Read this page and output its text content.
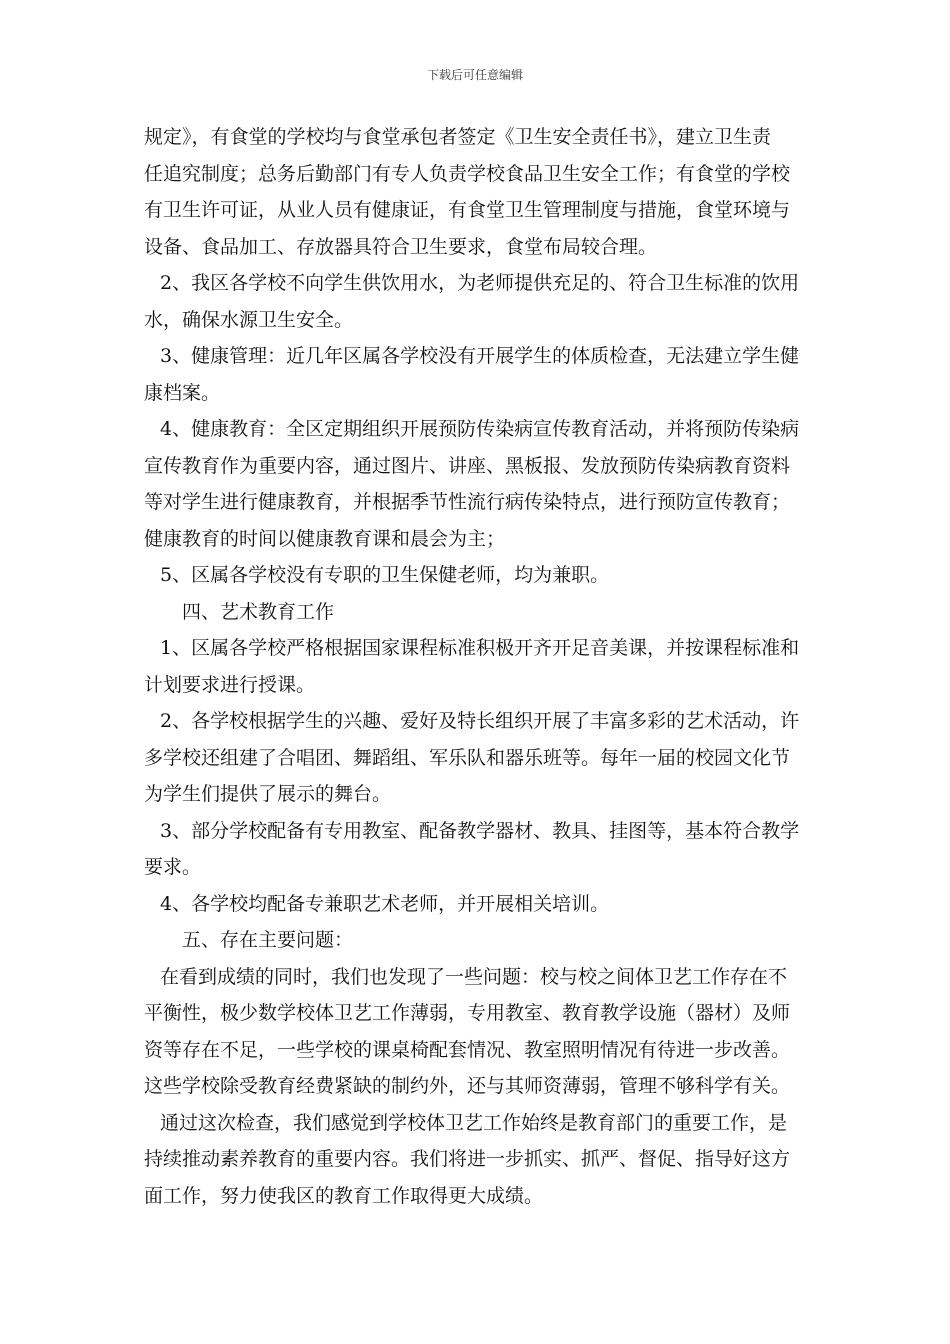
下载后可任意编辑
规定》，有食堂的学校均与食堂承包者签定《卫生安全责任书》，建立卫生责
任追究制度；总务后勤部门有专人负责学校食品卫生安全工作；有食堂的学校
有卫生许可证，从业人员有健康证，有食堂卫生管理制度与措施，食堂环境与
设备、食品加工、存放器具符合卫生要求，食堂布局较合理。
2、我区各学校不向学生供饮用水，为老师提供充足的、符合卫生标准的饮用
水，确保水源卫生安全。
3、健康管理：近几年区属各学校没有开展学生的体质检查，无法建立学生健
康档案。
4、健康教育：全区定期组织开展预防传染病宣传教育活动，并将预防传染病
宣传教育作为重要内容，通过图片、讲座、黑板报、发放预防传染病教育资料
等对学生进行健康教育，并根据季节性流行病传染特点，进行预防宣传教育；
健康教育的时间以健康教育课和晨会为主；
5、区属各学校没有专职的卫生保健老师，均为兼职。
四、艺术教育工作
1、区属各学校严格根据国家课程标准积极开齐开足音美课，并按课程标准和
计划要求进行授课。
2、各学校根据学生的兴趣、爱好及特长组织开展了丰富多彩的艺术活动，许
多学校还组建了合唱团、舞蹈组、军乐队和器乐班等。每年一届的校园文化节
为学生们提供了展示的舞台。
3、部分学校配备有专用教室、配备教学器材、教具、挂图等，基本符合教学
要求。
4、各学校均配备专兼职艺术老师，并开展相关培训。
五、存在主要问题：
在看到成绩的同时，我们也发现了一些问题：校与校之间体卫艺工作存在不
平衡性，极少数学校体卫艺工作薄弱，专用教室、教育教学设施（器材）及师
资等存在不足，一些学校的课桌椅配套情况、教室照明情况有待进一步改善。
这些学校除受教育经费紧缺的制约外，还与其师资薄弱，管理不够科学有关。
通过这次检查，我们感觉到学校体卫艺工作始终是教育部门的重要工作，是
持续推动素养教育的重要内容。我们将进一步抓实、抓严、督促、指导好这方
面工作，努力使我区的教育工作取得更大成绩。
